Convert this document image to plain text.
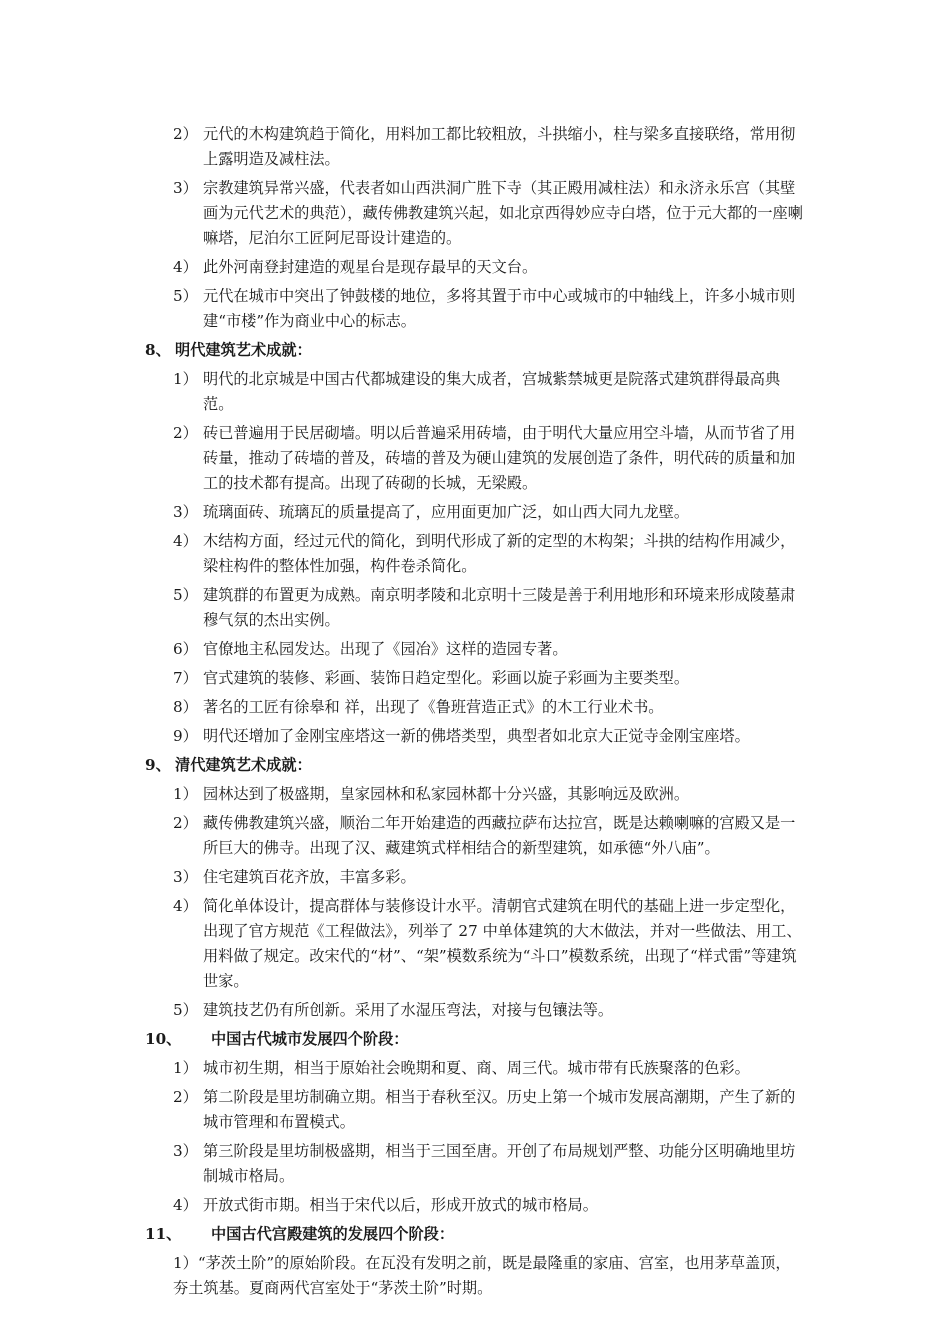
2） 元代的木构建筑趋于简化，用料加工都比较粗放，斗拱缩小，柱与梁多直接联络，常用彻上露明造及减柱法。
3） 宗教建筑异常兴盛，代表者如山西洪洞广胜下寺（其正殿用减柱法）和永济永乐宫（其壁画为元代艺术的典范），藏传佛教建筑兴起，如北京西得妙应寺白塔，位于元大都的一座喇嘛塔，尼泊尔工匠阿尼哥设计建造的。
4） 此外河南登封建造的观星台是现存最早的天文台。
5） 元代在城市中突出了钟鼓楼的地位，多将其置于市中心或城市的中轴线上，许多小城市则建“市楼”作为商业中心的标志。
8、 明代建筑艺术成就：
1） 明代的北京城是中国古代都城建设的集大成者，宫城紫禁城更是院落式建筑群得最高典范。
2） 砖已普遍用于民居砌墙。明以后普遍采用砖墙，由于明代大量应用空斗墙，从而节省了用砖量，推动了砖墙的普及，砖墙的普及为硬山建筑的发展创造了条件，明代砖的质量和加工的技术都有提高。出现了砖砌的长城，无梁殿。
3） 琉璃面砖、琉璃瓦的质量提高了，应用面更加广泛，如山西大同九龙壁。
4） 木结构方面，经过元代的简化，到明代形成了新的定型的木构架；斗拱的结构作用减少，梁柱构件的整体性加强，构件卷杀简化。
5） 建筑群的布置更为成熟。南京明孝陵和北京明十三陵是善于利用地形和环境来形成陵墓肃穆气氛的杰出实例。
6） 官僚地主私园发达。出现了《园冶》这样的造园专著。
7） 官式建筑的装修、彩画、装饰日趋定型化。彩画以旋子彩画为主要类型。
8） 著名的工匠有徐皋和 祥，出现了《鲁班营造正式》的木工行业术书。
9） 明代还增加了金刚宝座塔这一新的佛塔类型，典型者如北京大正觉寺金刚宝座塔。
9、 清代建筑艺术成就：
1） 园林达到了极盛期，皇家园林和私家园林都十分兴盛，其影响远及欧洲。
2） 藏传佛教建筑兴盛，顺治二年开始建造的西藏拉萨布达拉宫，既是达赖喇嘛的宫殿又是一所巨大的佛寺。出现了汉、藏建筑式样相结合的新型建筑，如承德“外八庙”。
3） 住宅建筑百花齐放，丰富多彩。
4） 简化单体设计，提高群体与装修设计水平。清朝官式建筑在明代的基础上进一步定型化，出现了官方规范《工程做法》，列举了 27 中单体建筑的大木做法，并对一些做法、用工、用料做了规定。改宋代的“材”、“架”模数系统为“斗口”模数系统，出现了“样式雷”等建筑世家。
5） 建筑技艺仍有所创新。采用了水湿压弯法，对接与包镶法等。
10、 中国古代城市发展四个阶段：
1） 城市初生期，相当于原始社会晚期和夏、商、周三代。城市带有氏族聚落的色彩。
2） 第二阶段是里坊制确立期。相当于春秋至汉。历史上第一个城市发展高潮期，产生了新的城市管理和布置模式。
3） 第三阶段是里坊制极盛期，相当于三国至唐。开创了布局规划严整、功能分区明确地里坊制城市格局。
4） 开放式街市期。相当于宋代以后，形成开放式的城市格局。
11、 中国古代宫殿建筑的发展四个阶段：
1）“茅茨土阶”的原始阶段。在瓦没有发明之前，既是最隆重的家庙、宫室，也用茅草盖顶，夯土筑基。夏商两代宫室处于“茅茨土阶”时期。
